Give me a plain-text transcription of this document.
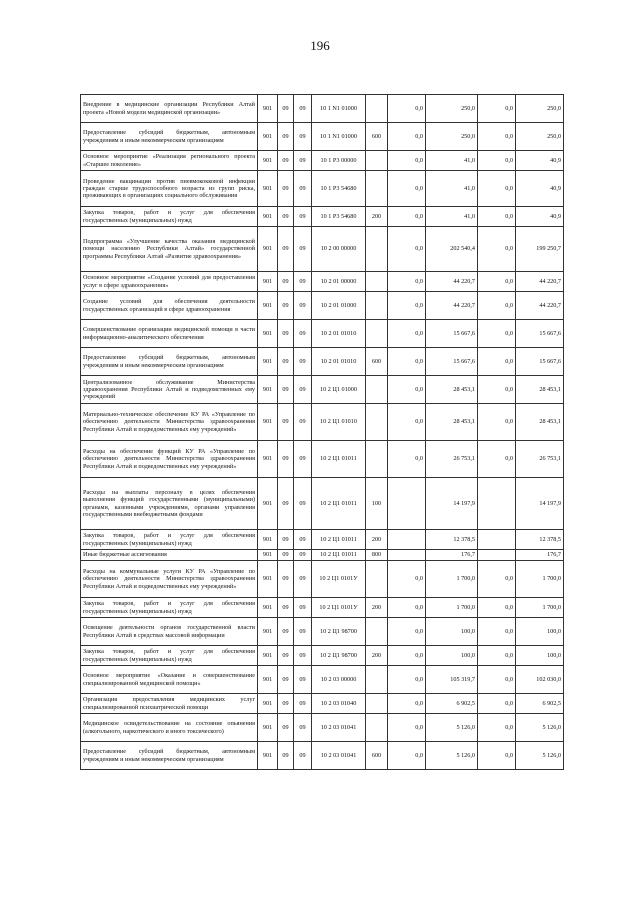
196
Внедрение в медицинские организации Республики Алтай проекта «Новой модели медицинской организации»	901	09	09	10 1 N1 01000		0,0	250,0	0,0	250,0
Предоставление субсидий бюджетным, автономным учреждениям и иным некоммерческим организациям	901	09	09	10 1 N1 01000	600	0,0	250,0	0,0	250,0
Основное мероприятие «Реализация регионального проекта «Старшее поколение»	901	09	09	10 1 P3 00000		0,0	41,0	0,0	40,9
Проведение вакцинации против пневмококковой инфекции граждан старше трудоспособного возраста из групп риска, проживающих в организациях социального обслуживания	901	09	09	10 1 P3 54680		0,0	41,0	0,0	40,9
Закупка товаров, работ и услуг для обеспечения государственных (муниципальных) нужд	901	09	09	10 1 P3 54680	200	0,0	41,0	0,0	40,9
Подпрограмма «Улучшение качества оказания медицинской помощи населению Республики Алтай» государственной программы Республики Алтай «Развитие здравоохранения»	901	09	09	10 2 00 00000		0,0	202 540,4	0,0	199 250,7
Основное мероприятие «Создание условий для предоставления услуг в сфере здравоохранения»	901	09	09	10 2 01 00000		0,0	44 220,7	0,0	44 220,7
Создание условий для обеспечения деятельности государственных организаций в сфере здравоохранения	901	09	09	10 2 01 01000		0,0	44 220,7	0,0	44 220,7
Совершенствование организации медицинской помощи в части информационно-аналитического обеспечения	901	09	09	10 2 01 01010		0,0	15 667,6	0,0	15 667,6
Предоставление субсидий бюджетным, автономным учреждениям и иным некоммерческим организациям	901	09	09	10 2 01 01010	600	0,0	15 667,6	0,0	15 667,6
Централизованное обслуживание Министерства здравоохранения Республики Алтай и подведомственных ему учреждений	901	09	09	10 2 Ц1 01000		0,0	28 453,1	0,0	28 453,1
Материально-техническое обеспечение КУ РА «Управление по обеспечению деятельности Министерства здравоохранения Республики Алтай и подведомственных ему учреждений»	901	09	09	10 2 Ц1 01010		0,0	28 453,1	0,0	28 453,1
Расходы на обеспечение функций КУ РА «Управление по обеспечению деятельности Министерства здравоохранения Республики Алтай и подведомственных ему учреждений»	901	09	09	10 2 Ц1 01011		0,0	26 753,1	0,0	26 753,1
Расходы на выплаты персоналу в целях обеспечения выполнения функций государственными (муниципальными) органами, казенными учреждениями, органами управления государственными внебюджетными фондами	901	09	09	10 2 Ц1 01011	100		14 197,9		14 197,9
Закупка товаров, работ и услуг для обеспечения государственных (муниципальных) нужд	901	09	09	10 2 Ц1 01011	200		12 378,5		12 378,5
Иные бюджетные ассигнования	901	09	09	10 2 Ц1 01011	800		176,7		176,7
Расходы на коммунальные услуги КУ РА «Управление по обеспечению деятельности Министерства здравоохранения Республики Алтай и подведомственных ему учреждений»	901	09	09	10 2 Ц1 0101У		0,0	1 700,0	0,0	1 700,0
Закупка товаров, работ и услуг для обеспечения государственных (муниципальных) нужд	901	09	09	10 2 Ц1 0101У	200	0,0	1 700,0	0,0	1 700,0
Освещение деятельности органов государственной власти Республики Алтай в средствах массовой информации	901	09	09	10 2 Ц1 98700		0,0	100,0	0,0	100,0
Закупка товаров, работ и услуг для обеспечения государственных (муниципальных) нужд	901	09	09	10 2 Ц1 98700	200	0,0	100,0	0,0	100,0
Основное мероприятие «Оказание и совершенствование специализированной медицинской помощи»	901	09	09	10 2 03 00000		0,0	105 319,7	0,0	102 030,0
Организация предоставления медицинских услуг специализированной психиатрической помощи	901	09	09	10 2 03 01040		0,0	6 902,5	0,0	6 902,5
Медицинское освидетельствование на состояние опьянения (алкогольного, наркотического и иного токсического)	901	09	09	10 2 03 01041		0,0	5 126,0	0,0	5 126,0
Предоставление субсидий бюджетным, автономным учреждениям и иным некоммерческим организациям	901	09	09	10 2 03 01041	600	0,0	5 126,0	0,0	5 126,0
